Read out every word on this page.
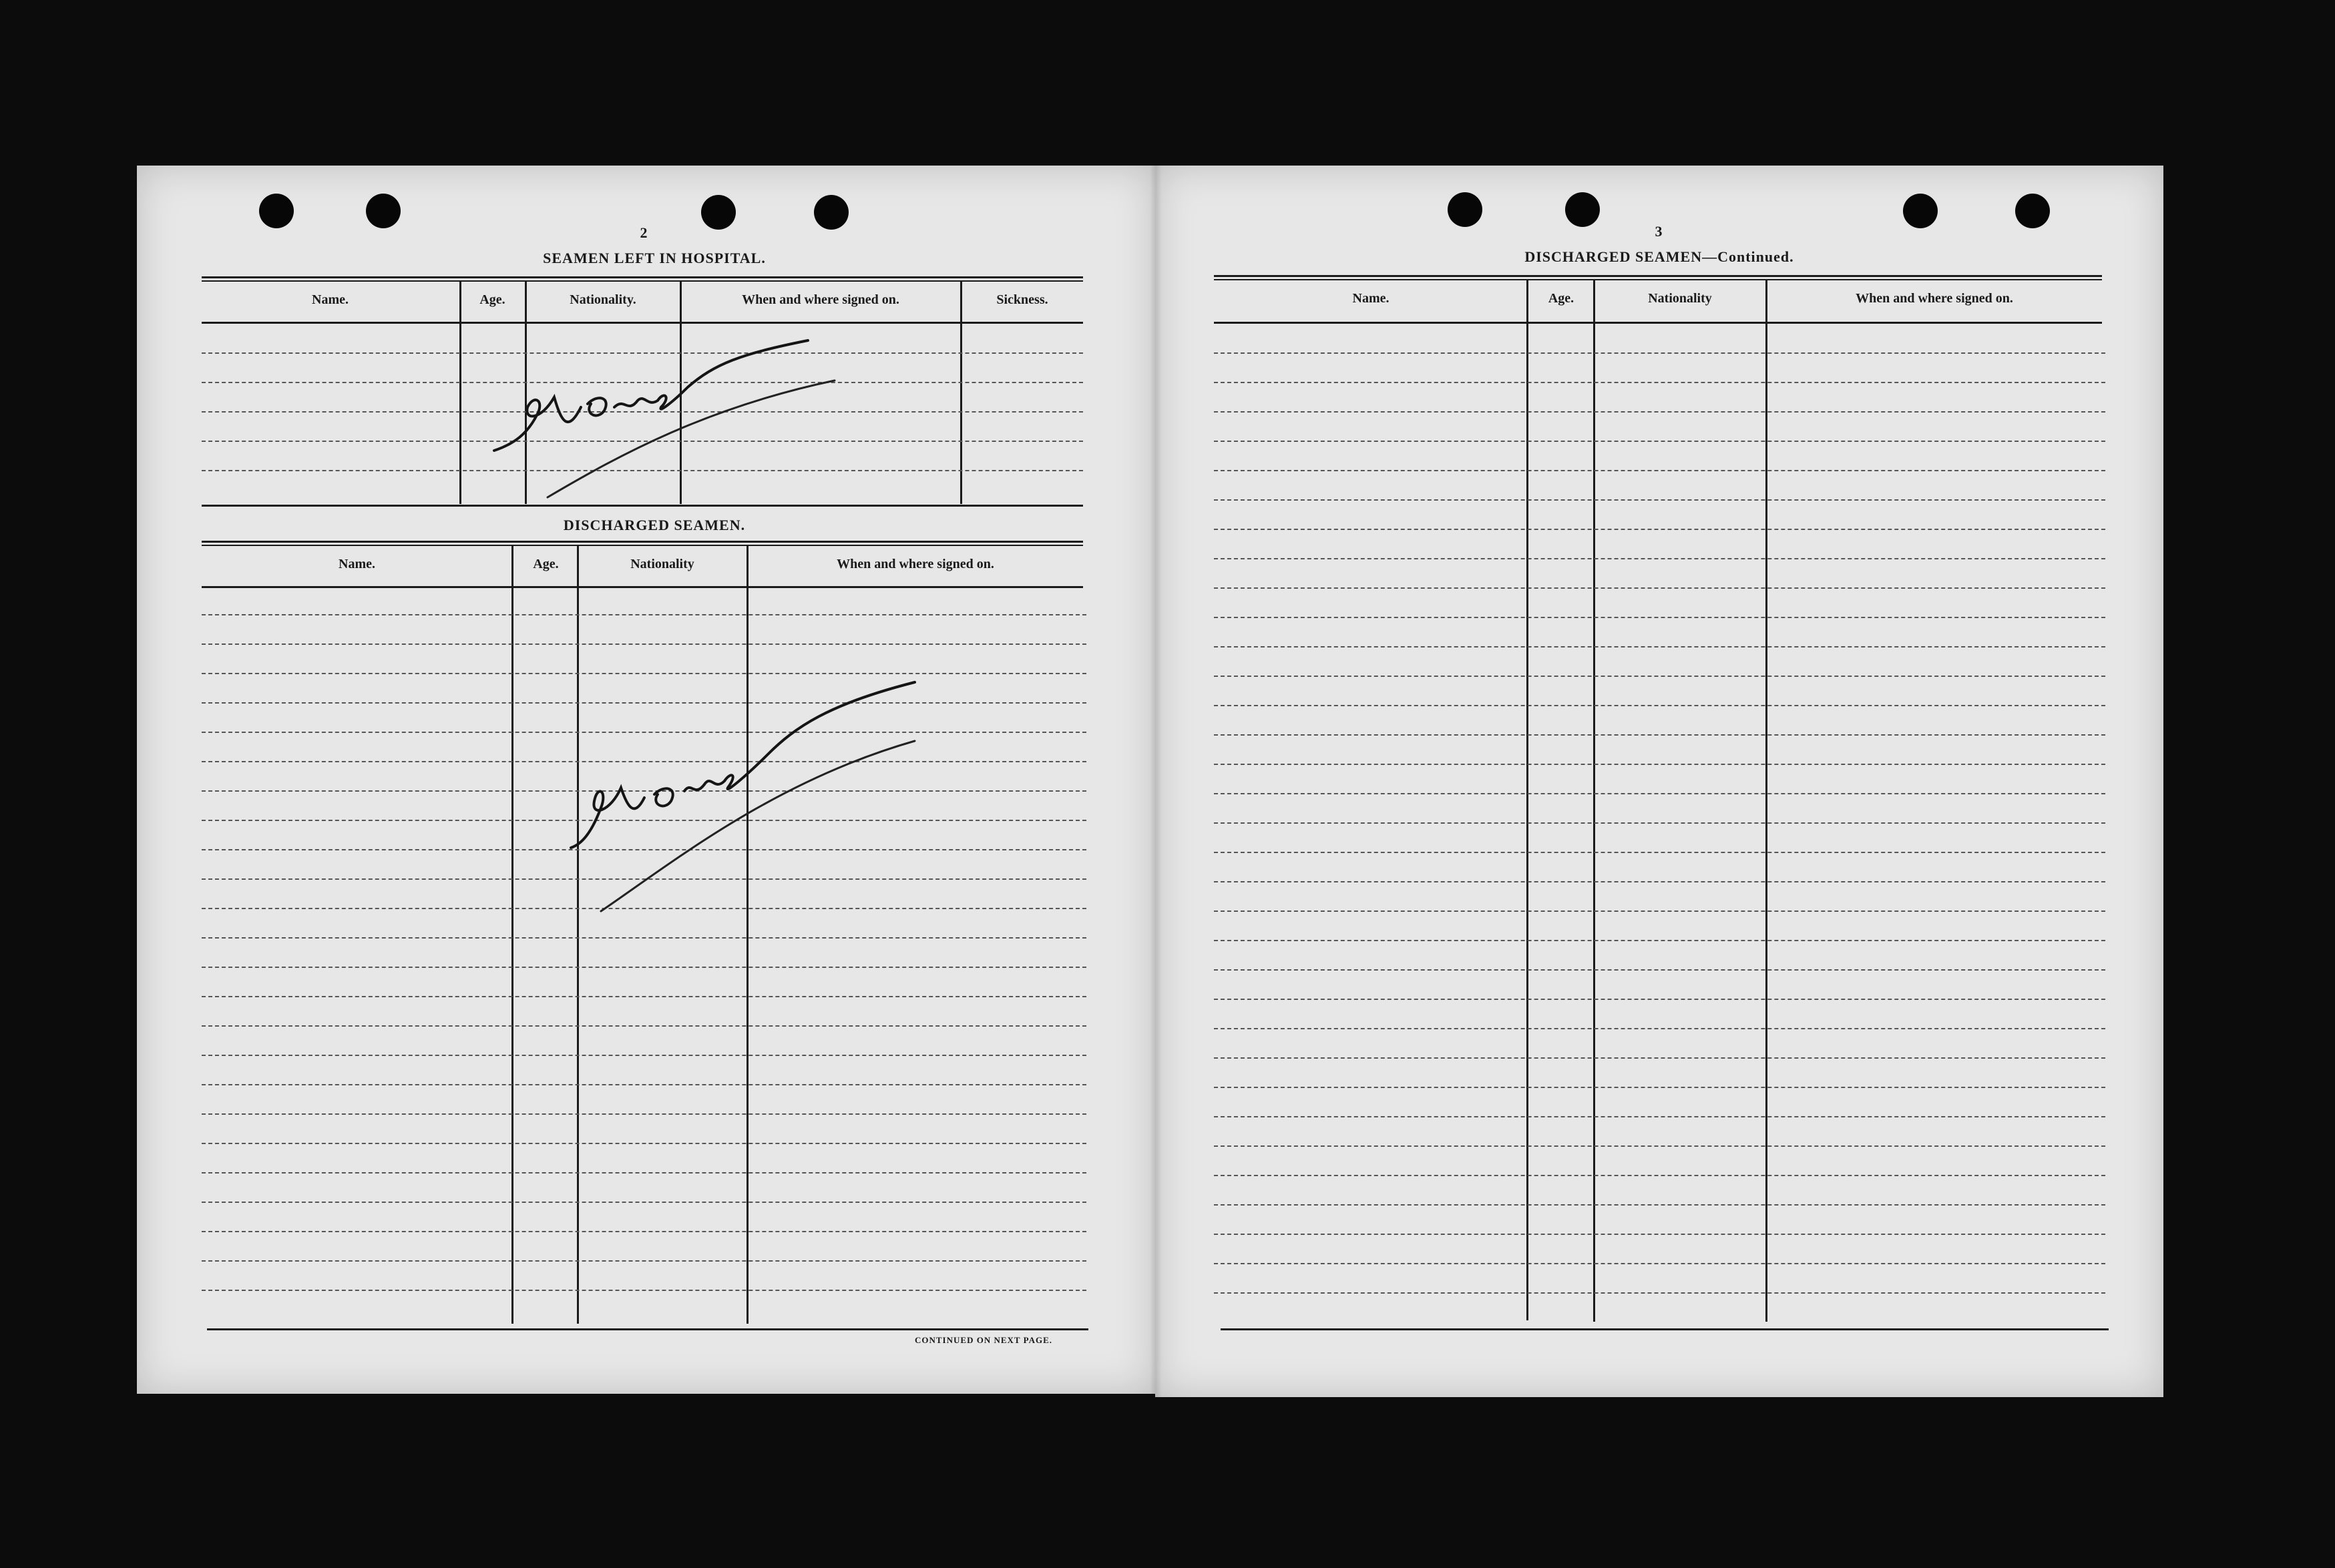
2
SEAMEN LEFT IN HOSPITAL.
Name.	Age.	Nationality.	When and where signed on.	Sickness.
None
DISCHARGED SEAMEN.
Name.	Age.	Nationality	When and where signed on.
None
CONTINUED ON NEXT PAGE.
3
DISCHARGED SEAMEN—Continued.
Name.	Age.	Nationality	When and where signed on.
